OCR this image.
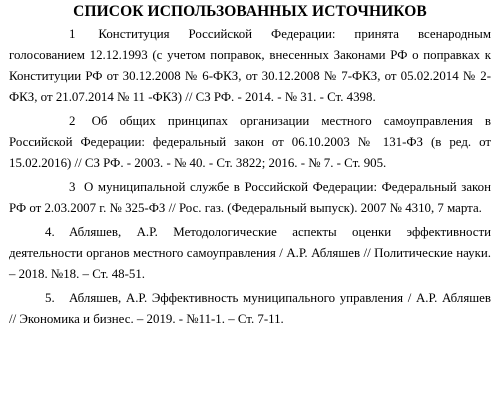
СПИСОК ИСПОЛЬЗОВАННЫХ ИСТОЧНИКОВ
1 Конституция Российской Федерации: принята всенародным голосованием 12.12.1993 (с учетом поправок, внесенных Законами РФ о поправках к Конституции РФ от 30.12.2008 № 6-ФКЗ, от 30.12.2008 № 7-ФКЗ, от 05.02.2014 № 2-ФКЗ, от 21.07.2014 № 11 -ФКЗ) // СЗ РФ. - 2014. - № 31. - Ст. 4398.
2 Об общих принципах организации местного самоуправления в Российской Федерации: федеральный закон от 06.10.2003 № 131-ФЗ (в ред. от 15.02.2016) // СЗ РФ. - 2003. - № 40. - Ст. 3822; 2016. - № 7. - Ст. 905.
3 О муниципальной службе в Российской Федерации: Федеральный закон РФ от 2.03.2007 г. № 325-ФЗ // Рос. газ. (Федеральный выпуск). 2007 № 4310, 7 марта.
4. Абляшев, А.Р. Методологические аспекты оценки эффективности деятельности органов местного самоуправления / А.Р. Абляшев // Политические науки. – 2018. №18. – Ст. 48-51.
5. Абляшев, А.Р. Эффективность муниципального управления / А.Р. Абляшев // Экономика и бизнес. – 2019. - №11-1. – Ст. 7-11.
